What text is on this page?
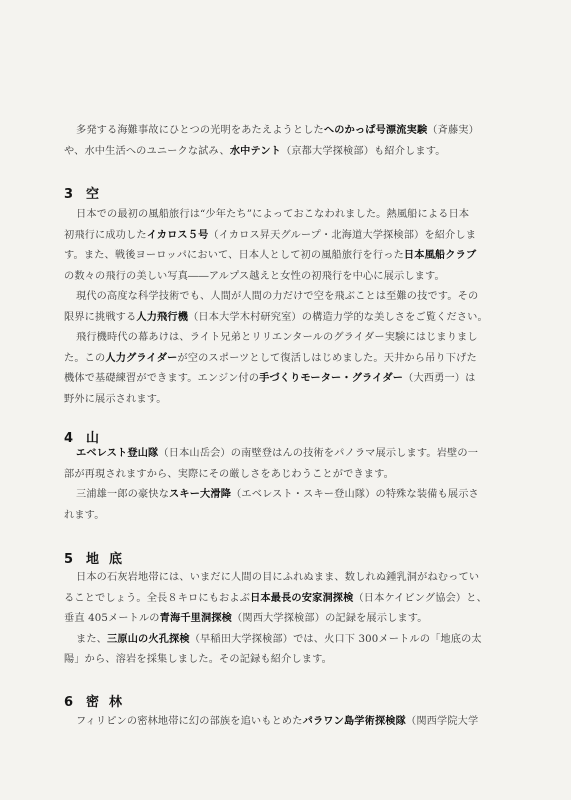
多発する海難事故にひとつの光明をあたえようとしたへのかっぱ号漂流実験（斉藤実）
や、水中生活へのユニークな試み、水中テント（京都大学探検部）も紹介します。
3 空
日本での最初の風船旅行は“少年たち”によっておこなわれました。熱風船による日本
初飛行に成功したイカロス５号（イカロス昇天グループ・北海道大学探検部）を紹介しま
す。また、戦後ヨーロッパにおいて、日本人として初の風船旅行を行った日本風船クラブ
の数々の飛行の美しい写真――アルプス越えと女性の初飛行を中心に展示します。
現代の高度な科学技術でも、人間が人間の力だけで空を飛ぶことは至難の技です。その
限界に挑戦する人力飛行機（日本大学木村研究室）の構造力学的な美しさをご覧ください。
飛行機時代の幕あけは、ライト兄弟とリリエンタールのグライダー実験にはじまりまし
た。この人力グライダーが空のスポーツとして復活しはじめました。天井から吊り下げた
機体で基礎練習ができます。エンジン付の手づくりモーター・グライダー（大西勇一）は
野外に展示されます。
4 山
エベレスト登山隊（日本山岳会）の南壁登はんの技術をパノラマ展示します。岩壁の一
部が再現されますから、実際にその厳しさをあじわうことができます。
三浦雄一郎の豪快なスキー大滑降（エベレスト・スキー登山隊）の特殊な装備も展示さ
れます。
5 地底
日本の石灰岩地帯には、いまだに人間の目にふれぬまま、数しれぬ鍾乳洞がねむってい
ることでしょう。全長８キロにもおよぶ日本最長の安家洞探検（日本ケイビング協会）と、
垂直 405メートルの青海千里洞探検（関西大学探検部）の記録を展示します。
また、三原山の火孔探検（早稲田大学探検部）では、火口下 300メートルの「地底の太
陽」から、溶岩を採集しました。その記録も紹介します。
6 密林
フィリピンの密林地帯に幻の部族を追いもとめたパラワン島学術探検隊（関西学院大学
